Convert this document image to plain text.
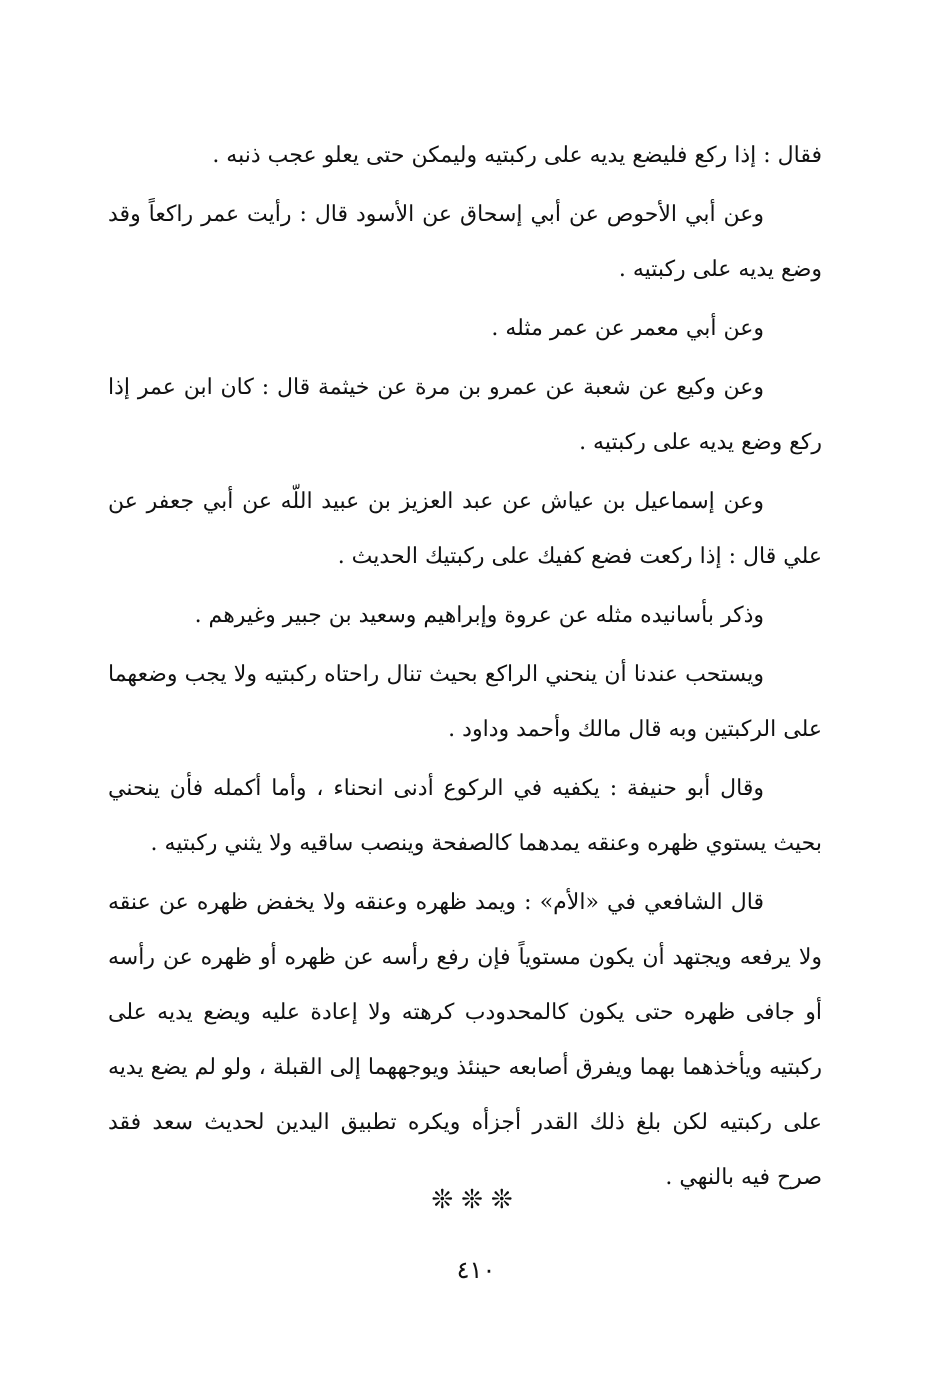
فقال : إذا ركع فليضع يديه على ركبتيه وليمكن حتى يعلو عجب ذنبه .

وعن أبي الأحوص عن أبي إسحاق عن الأسود قال : رأيت عمر راكعاً وقد وضع يديه على ركبتيه .

وعن أبي معمر عن عمر مثله .

وعن وكيع عن شعبة عن عمرو بن مرة عن خيثمة قال : كان ابن عمر إذا ركع وضع يديه على ركبتيه .

وعن إسماعيل بن عياش عن عبد العزيز بن عبيد اللّه عن أبي جعفر عن علي قال : إذا ركعت فضع كفيك على ركبتيك الحديث .

وذكر بأسانيده مثله عن عروة وإبراهيم وسعيد بن جبير وغيرهم .

ويستحب عندنا أن ينحني الراكع بحيث تنال راحتاه ركبتيه ولا يجب وضعهما على الركبتين وبه قال مالك وأحمد وداود .

وقال أبو حنيفة : يكفيه في الركوع أدنى انحناء ، وأما أكمله فأن ينحني بحيث يستوي ظهره وعنقه يمدهما كالصفحة وينصب ساقيه ولا يثني ركبتيه .

قال الشافعي في «الأم» : ويمد ظهره وعنقه ولا يخفض ظهره عن عنقه ولا يرفعه ويجتهد أن يكون مستوياً فإن رفع رأسه عن ظهره أو ظهره عن رأسه أو جافى ظهره حتى يكون كالمحدودب كرهته ولا إعادة عليه ويضع يديه على ركبتيه ويأخذهما بهما ويفرق أصابعه حينئذ ويوجههما إلى القبلة ، ولو لم يضع يديه على ركبتيه لكن بلغ ذلك القدر أجزأه ويكره تطبيق اليدين لحديث سعد فقد صرح فيه بالنهي .

❊❊❊
٤١٠
